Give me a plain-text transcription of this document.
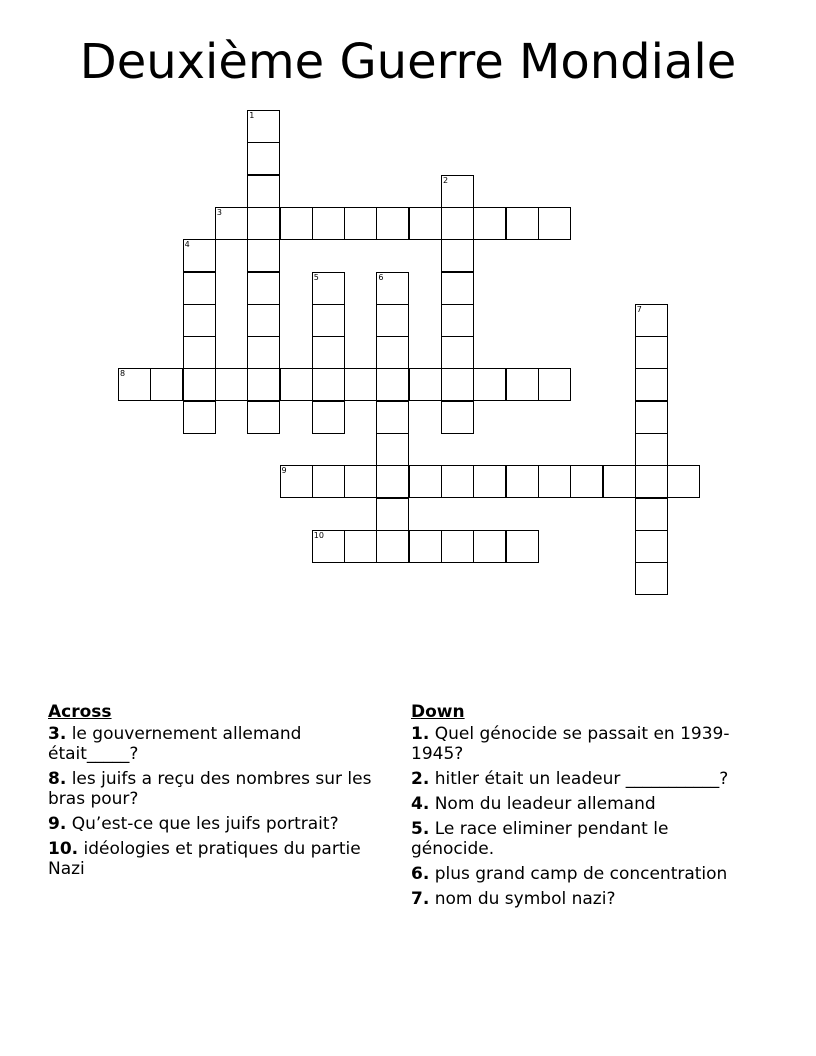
Deuxième Guerre Mondiale
1
2
3
4
5	6
7
8
9
10
Across
3. le gouvernement allemand était_____?
8. les juifs a reçu des nombres sur les bras pour?
9. Qu’est-ce que les juifs portrait?
10. idéologies et pratiques du partie Nazi
Down
1. Quel génocide se passait en 1939-1945?
2. hitler était un leadeur ___________?
4. Nom du leadeur allemand
5. Le race eliminer pendant le génocide.
6. plus grand camp de concentration
7. nom du symbol nazi?
